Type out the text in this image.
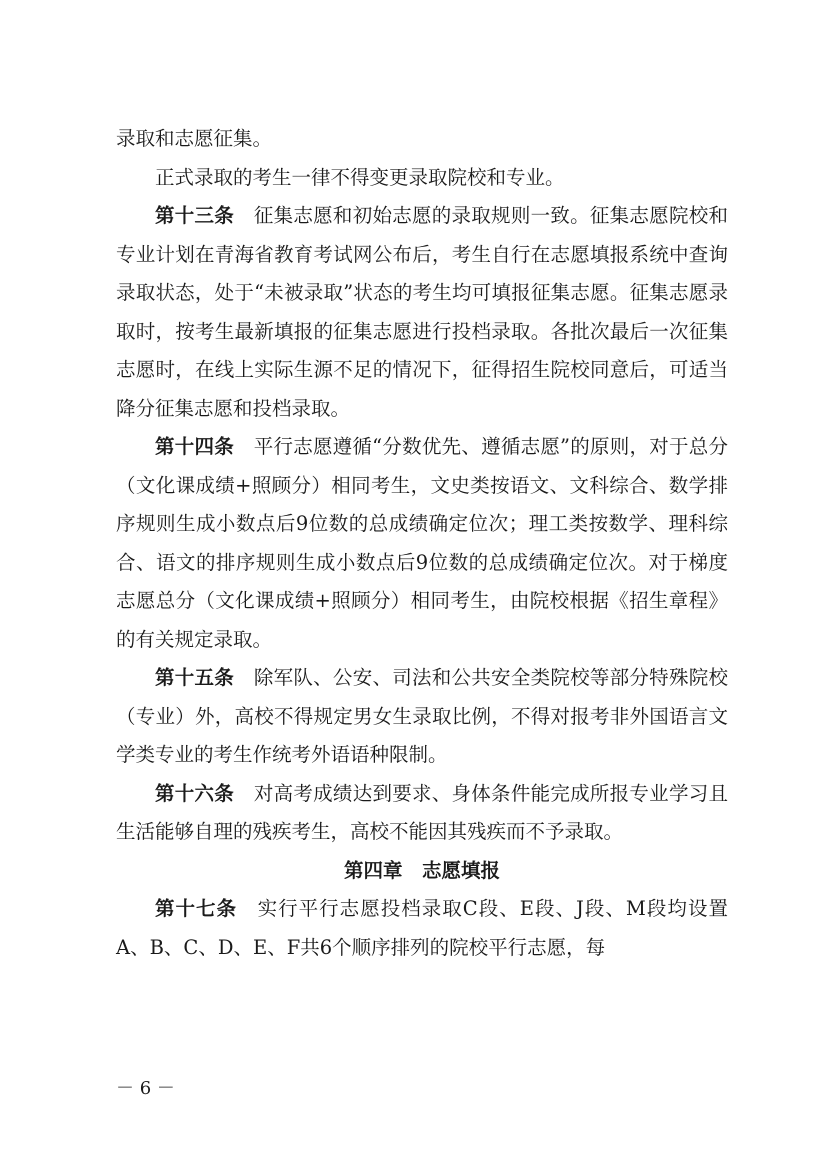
录取和志愿征集。

正式录取的考生一律不得变更录取院校和专业。

第十三条　 征集志愿和初始志愿的录取规则一致。征集志愿院校和专业计划在青海省教育考试网公布后，考生自行在志愿填报系统中查询录取状态，处于“未被录取”状态的考生均可填报征集志愿。征集志愿录取时，按考生最新填报的征集志愿进行投档录取。各批次最后一次征集志愿时，在线上实际生源不足的情况下，征得招生院校同意后，可适当降分征集志愿和投档录取。

第十四条　 平行志愿遵循“分数优先、遵循志愿”的原则，对于总分（文化课成绩+照顾分）相同考生，文史类按语文、文科综合、数学排序规则生成小数点后9位数的总成绩确定位次；理工类按数学、理科综合、语文的排序规则生成小数点后9位数的总成绩确定位次。对于梯度志愿总分（文化课成绩+照顾分）相同考生，由院校根据《招生章程》的有关规定录取。

第十五条　 除军队、公安、司法和公共安全类院校等部分特殊院校（专业）外，高校不得规定男女生录取比例，不得对报考非外国语言文学类专业的考生作统考外语语种限制。

第十六条　 对高考成绩达到要求、身体条件能完成所报专业学习且生活能够自理的残疾考生，高校不能因其残疾而不予录取。

第四章　志愿填报

第十七条　 实行平行志愿投档录取C段、E段、J段、M段均设置A、B、C、D、E、F共6个顺序排列的院校平行志愿，每

－ 6 －
